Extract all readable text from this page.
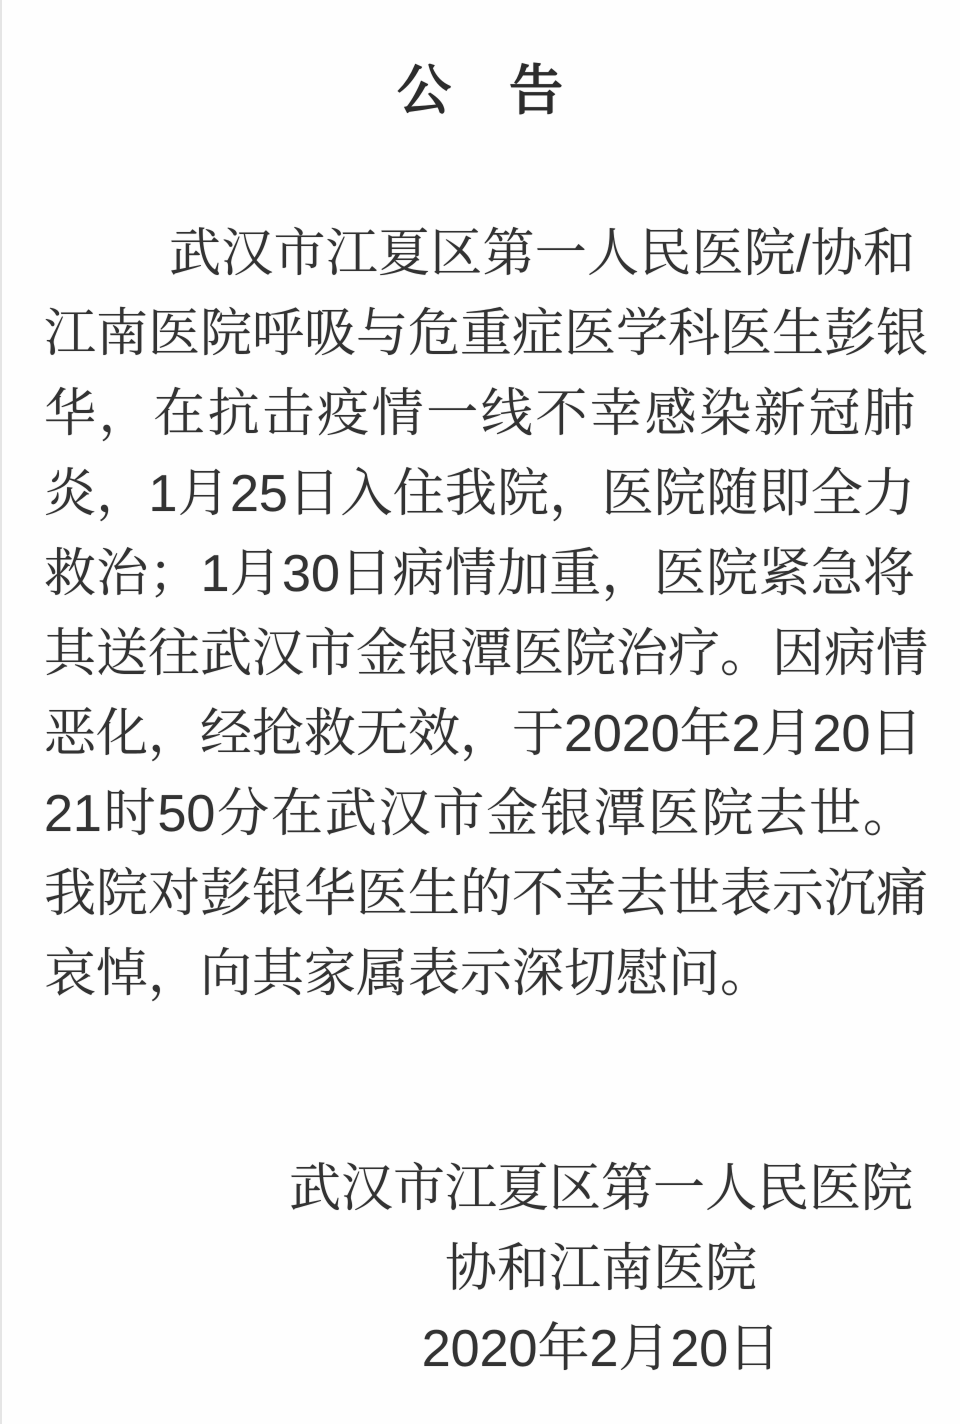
公　告
武汉市江夏区第一人民医院/协和
江南医院呼吸与危重症医学科医生彭银
华，在抗击疫情一线不幸感染新冠肺
炎，1月25日入住我院，医院随即全力
救治；1月30日病情加重，医院紧急将
其送往武汉市金银潭医院治疗。因病情
恶化，经抢救无效，于2020年2月20日
21时50分在武汉市金银潭医院去世。
我院对彭银华医生的不幸去世表示沉痛
哀悼，向其家属表示深切慰问。
武汉市江夏区第一人民医院
协和江南医院
2020年2月20日
